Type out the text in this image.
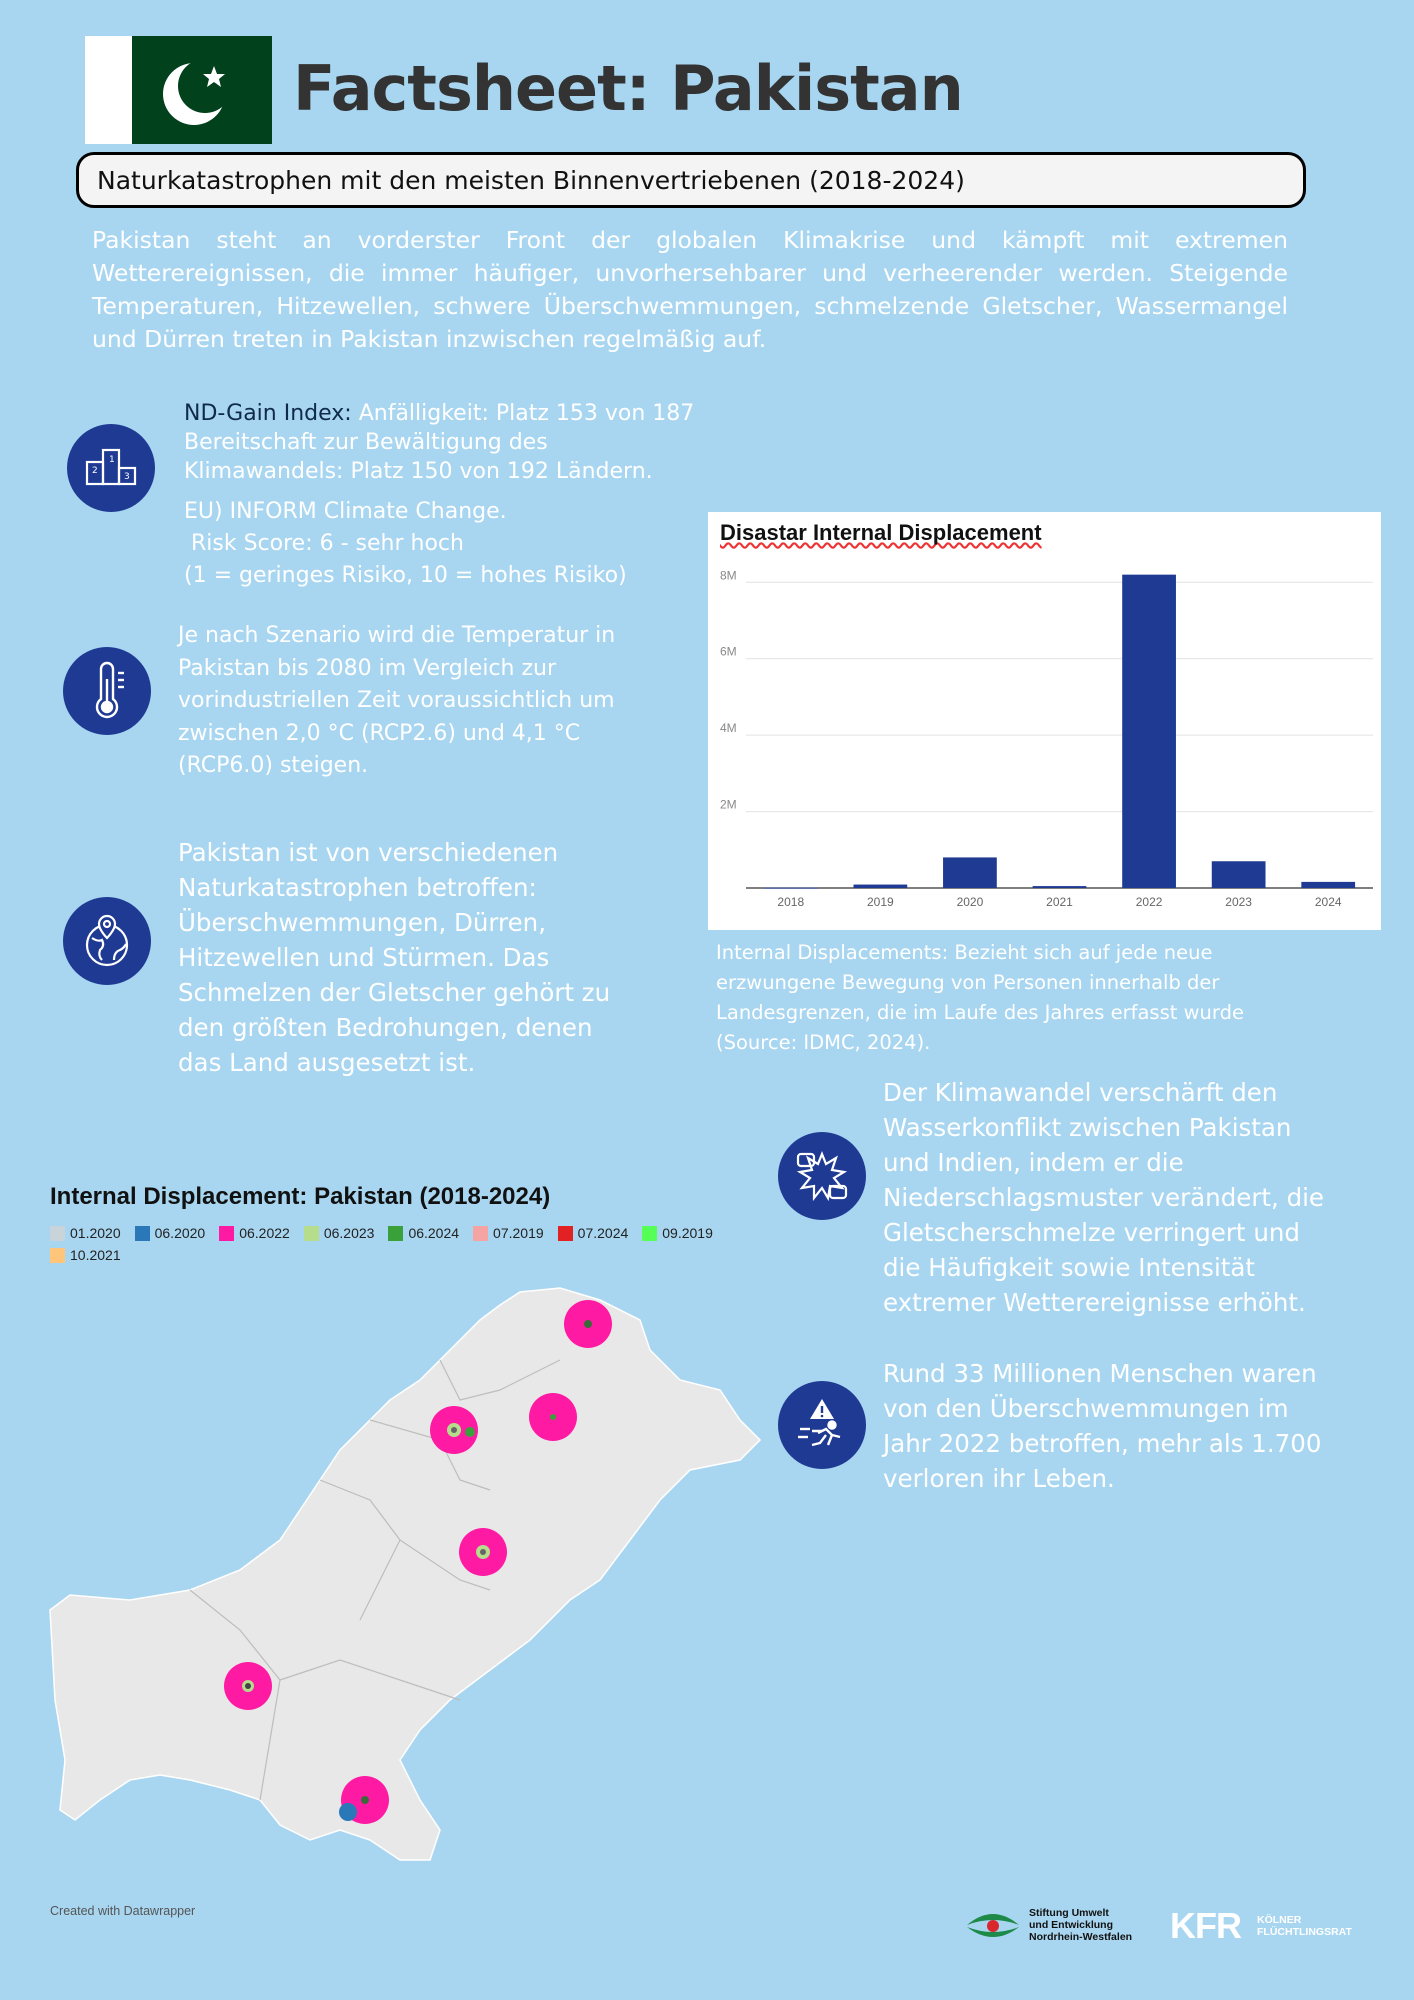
Factsheet: Pakistan
Naturkatastrophen mit den meisten Binnenvertriebenen (2018-2024)
Pakistan steht an vorderster Front der globalen Klimakrise und kämpft mit extremen Wetterereignissen, die immer häufiger, unvorhersehbarer und verheerender werden. Steigende Temperaturen, Hitzewellen, schwere Überschwemmungen, schmelzende Gletscher, Wassermangel und Dürren treten in Pakistan inzwischen regelmäßig auf.
1
2
3
ND-Gain Index: Anfälligkeit: Platz 153 von 187 Bereitschaft zur Bewältigung des Klimawandels: Platz 150 von 192 Ländern.
EU) INFORM Climate Change.
Risk Score: 6 - sehr hoch
(1 = geringes Risiko, 10 = hohes Risiko)
Je nach Szenario wird die Temperatur in Pakistan bis 2080 im Vergleich zur vorindustriellen Zeit voraussichtlich um zwischen 2,0 °C (RCP2.6) und 4,1 °C (RCP6.0) steigen.
Pakistan ist von verschiedenen Naturkatastrophen betroffen: Überschwemmungen, Dürren, Hitzewellen und Stürmen. Das Schmelzen der Gletscher gehört zu den größten Bedrohungen, denen das Land ausgesetzt ist.
Disastar Internal Displacement
2M
4M
6M
8M
2018	2019	2020	2021	2022	2023	2024
Internal Displacements: Bezieht sich auf jede neue erzwungene Bewegung von Personen innerhalb der Landesgrenzen, die im Laufe des Jahres erfasst wurde (Source: IDMC, 2024).
Der Klimawandel verschärft den Wasserkonflikt zwischen Pakistan und Indien, indem er die Niederschlagsmuster verändert, die Gletscherschmelze verringert und die Häufigkeit sowie Intensität extremer Wetterereignisse erhöht.
Rund 33 Millionen Menschen waren von den Überschwemmungen im Jahr 2022 betroffen, mehr als 1.700 verloren ihr Leben.
Internal Displacement: Pakistan (2018-2024)
01.2020 06.2020 06.2022 06.2023 06.2024 07.2019 07.2024 09.2019
10.2021
Created with Datawrapper	Stiftung Umwelt
und Entwicklung
Nordrhein-Westfalen KFR KÖLNER
FLÜCHTLINGSRAT
